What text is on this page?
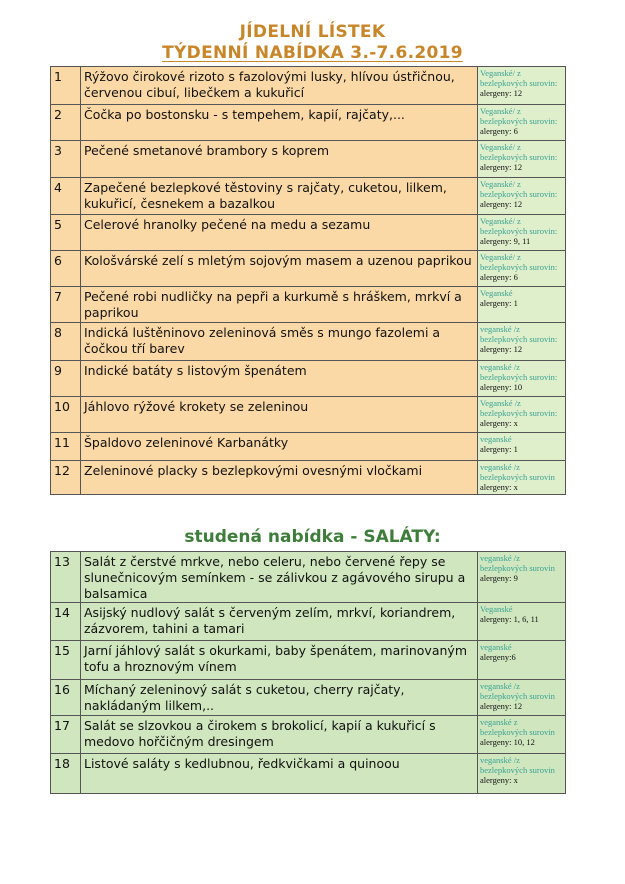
JÍDELNÍ LÍSTEK
TÝDENNÍ NABÍDKA 3.-7.6.2019
1	Rýžovo čirokové rizoto s fazolovými lusky, hlívou ústřičnou, červenou cibuí, libečkem a kukuřicí	Veganské/ z bezlepkových surovin:
alergeny: 12

2	Čočka po bostonsku - s tempehem, kapií, rajčaty,...	Veganské/ z bezlepkových surovin:
alergeny: 6

3	Pečené smetanové brambory s koprem	Veganské/ z bezlepkových surovin:
alergeny: 12

4	Zapečené bezlepkové těstoviny s rajčaty, cuketou, lilkem, kukuřicí, česnekem a bazalkou	Veganské/ z bezlepkových surovin:
alergeny: 12

5	Celerové hranolky pečené na medu a sezamu	Veganské/ z bezlepkových surovin:
alergeny: 9, 11

6	Kološvárské zelí s mletým sojovým masem a uzenou paprikou	Veganské/ z bezlepkových surovin:
alergeny: 6

7	Pečené robi nudličky na pepři a kurkumě s hráškem, mrkví a paprikou	Veganské
alergeny: 1

8	Indická luštěninovo zeleninová směs s mungo fazolemi a čočkou tří barev	veganské /z bezlepkových surovin:
alergeny: 12

9	Indické batáty s listovým špenátem	veganské /z bezlepkových surovin:
alergeny: 10

10	Jáhlovo rýžové krokety se zeleninou	Veganské /z bezlepkových surovin:
alergeny: x

11	Špaldovo zeleninové Karbanátky	veganské
alergeny: 1

12	Zeleninové placky s bezlepkovými ovesnými vločkami	veganské /z bezlepkových surovin
alergeny: x
studená nabídka - SALÁTY:
13	Salát z čerstvé mrkve, nebo celeru, nebo červené řepy se slunečnicovým semínkem - se zálivkou z agávového sirupu a balsamica	veganské /z bezlepkových surovin
alergeny: 9

14	Asijský nudlový salát s červeným zelím, mrkví, koriandrem, zázvorem, tahini a tamari	Veganské
alergeny: 1, 6, 11

15	Jarní jáhlový salát s okurkami, baby špenátem, marinovaným tofu a hroznovým vínem	veganské
alergeny:6

16	Míchaný zeleninový salát s cuketou, cherry rajčaty, nakládaným lilkem,..	veganské /z bezlepkových surovin
alergeny: 12

17	Salát se slzovkou a čirokem s brokolicí, kapií a kukuřicí s medovo hořčičným dresingem	veganské z bezlepkových surovin
alergeny: 10, 12

18	Listové saláty s kedlubnou, ředkvičkami a quinoou	veganské /z bezlepkových surovin
alergeny: x
